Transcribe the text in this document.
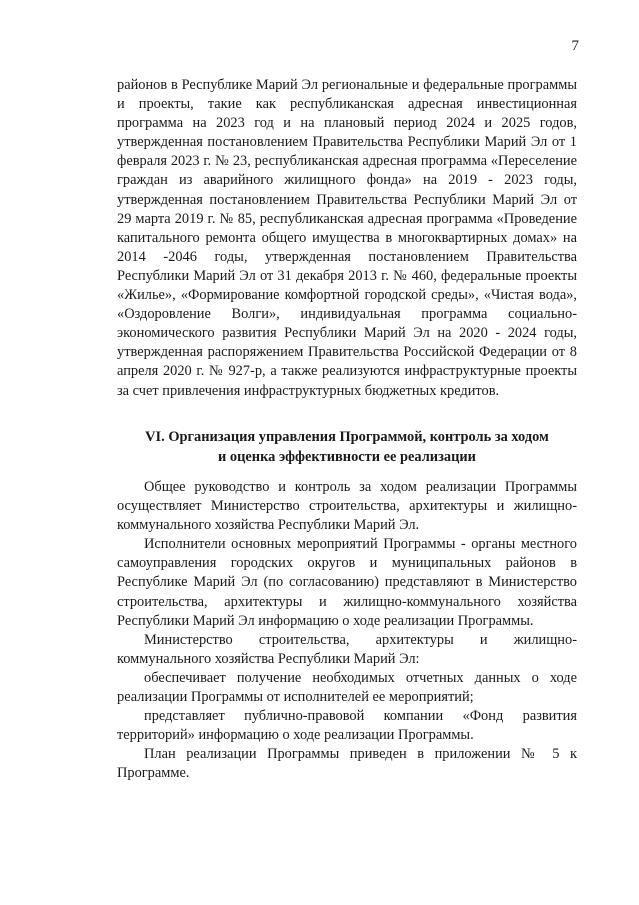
7

районов в Республике Марий Эл региональные и федеральные программы и проекты, такие как республиканская адресная инвестиционная программа на 2023 год и на плановый период 2024 и 2025 годов, утвержденная постановлением Правительства Республики Марий Эл от 1 февраля 2023 г. № 23, республиканская адресная программа «Переселение граждан из аварийного жилищного фонда» на 2019 - 2023 годы, утвержденная постановлением Правительства Республики Марий Эл от 29 марта 2019 г. № 85, республиканская адресная программа «Проведение капитального ремонта общего имущества в многоквартирных домах» на 2014 -2046 годы, утвержденная постановлением Правительства Республики Марий Эл от 31 декабря 2013 г. № 460, федеральные проекты «Жилье», «Формирование комфортной городской среды», «Чистая вода», «Оздоровление Волги», индивидуальная программа социально-экономического развития Республики Марий Эл на 2020 - 2024 годы, утвержденная распоряжением Правительства Российской Федерации от 8 апреля 2020 г. № 927-р, а также реализуются инфраструктурные проекты за счет привлечения инфраструктурных бюджетных кредитов.

VI. Организация управления Программой, контроль за ходом
и оценка эффективности ее реализации

Общее руководство и контроль за ходом реализации Программы осуществляет Министерство строительства, архитектуры и жилищно-коммунального хозяйства Республики Марий Эл.

Исполнители основных мероприятий Программы - органы местного самоуправления городских округов и муниципальных районов в Республике Марий Эл (по согласованию) представляют в Министерство строительства, архитектуры и жилищно-коммунального хозяйства Республики Марий Эл информацию о ходе реализации Программы.

Министерство строительства, архитектуры и жилищно-коммунального хозяйства Республики Марий Эл:

обеспечивает получение необходимых отчетных данных о ходе реализации Программы от исполнителей ее мероприятий;

представляет публично-правовой компании «Фонд развития территорий» информацию о ходе реализации Программы.

План реализации Программы приведен в приложении № 5 к Программе.
